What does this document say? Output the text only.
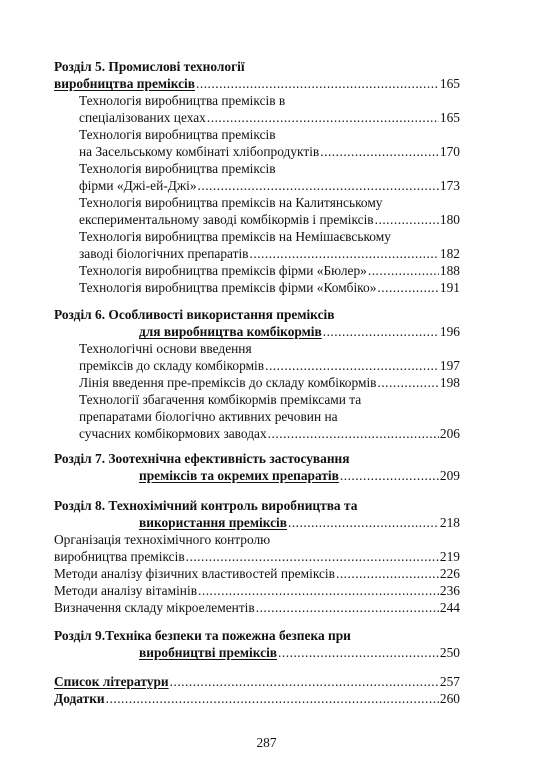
Розділ 5. Промислові технології
виробництва преміксів .....	165
Технологія виробництва преміксів в
спеціалізованих цехах .....	165
Технологія виробництва преміксів
на Засельському комбінаті хлібопродуктів .....	170
Технологія виробництва преміксів
фірми «Джі-ей-Джі» .....	173
Технологія виробництва преміксів на Калитянському
експериментальному заводі комбікормів і преміксів .....	180
Технологія виробництва преміксів на Немішаєвському
заводі біологічних препаратів .....	182
Технологія виробництва преміксів фірми «Бюлер» .....	188
Технологія виробництва преміксів фірми «Комбіко» .....	191
Розділ 6. Особливості використання преміксів
для виробництва комбікормів .....	196
Технологічні основи введення
преміксів до складу комбікормів .....	197
Лінія введення пре-преміксів до складу комбікормів .....	198
Технології збагачення комбікормів преміксами та
препаратами біологічно активних речовин на
сучасних комбікормових заводах .....	206
Розділ 7. Зоотехнічна ефективність застосування
преміксів та окремих препаратів .....	209
Розділ 8. Технохімічний контроль виробництва та
використання преміксів .....	218
Організація технохімічного контролю
виробництва преміксів .....	219
Методи аналізу фізичних властивостей преміксів .....	226
Методи аналізу вітамінів .....	236
Визначення складу мікроелементів .....	244
Розділ 9.Техніка безпеки та пожежна безпека при
виробництві преміксів .....	250
Список літератури .....	257
Додатки .....	260
287
